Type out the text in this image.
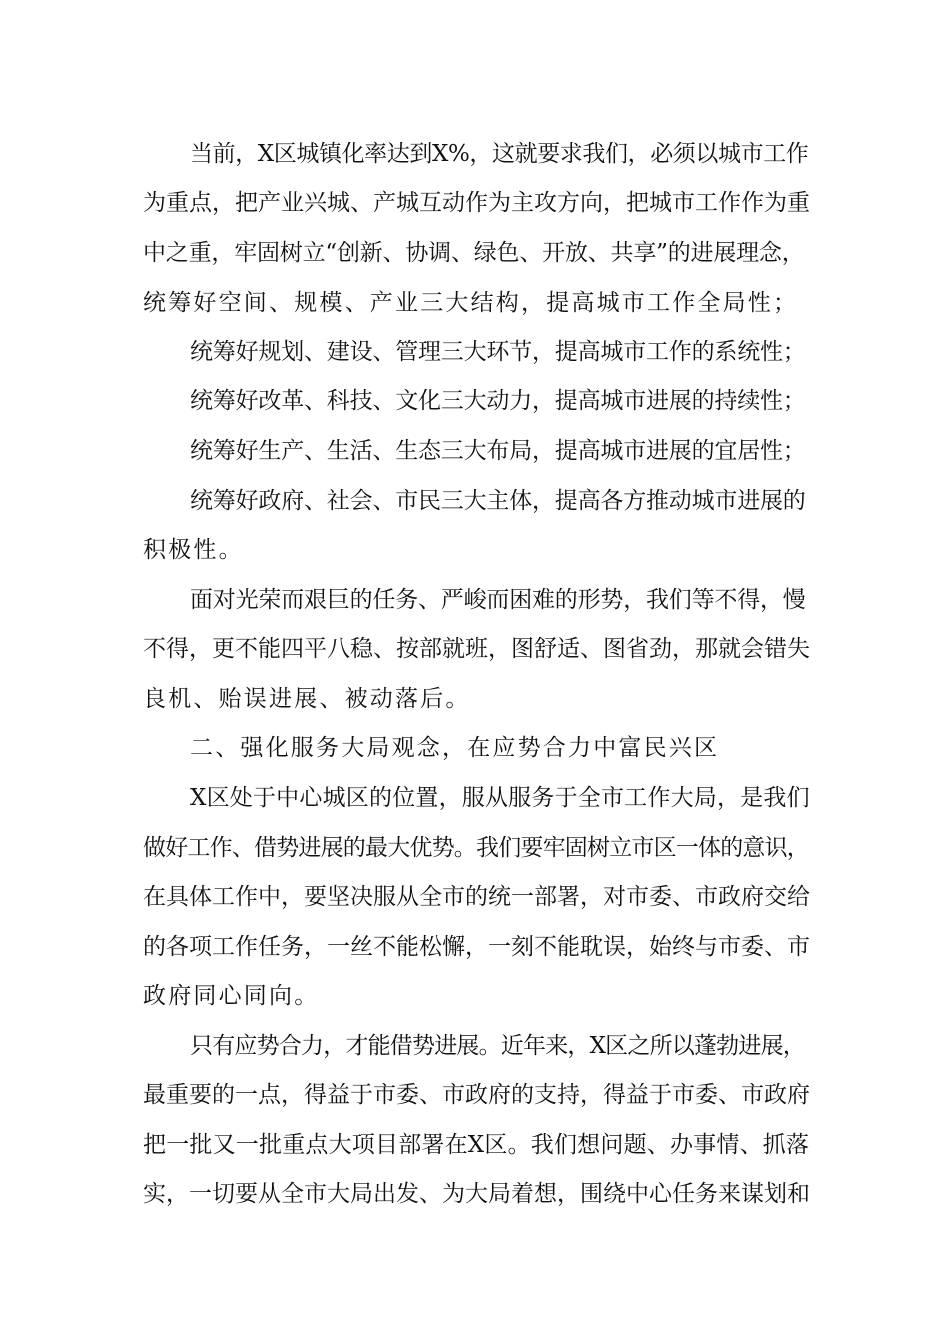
当前，X区城镇化率达到X%，这就要求我们，必须以城市工作
为重点，把产业兴城、产城互动作为主攻方向，把城市工作作为重
中之重，牢固树立“创新、协调、绿色、开放、共享”的进展理念，
统筹好空间、规模、产业三大结构，提高城市工作全局性；
统筹好规划、建设、管理三大环节，提高城市工作的系统性；
统筹好改革、科技、文化三大动力，提高城市进展的持续性；
统筹好生产、生活、生态三大布局，提高城市进展的宜居性；
统筹好政府、社会、市民三大主体，提高各方推动城市进展的
积极性。
面对光荣而艰巨的任务、严峻而困难的形势，我们等不得，慢
不得，更不能四平八稳、按部就班，图舒适、图省劲，那就会错失
良机、贻误进展、被动落后。
二、强化服务大局观念，在应势合力中富民兴区
X区处于中心城区的位置，服从服务于全市工作大局，是我们
做好工作、借势进展的最大优势。我们要牢固树立市区一体的意识，
在具体工作中，要坚决服从全市的统一部署，对市委、市政府交给
的各项工作任务，一丝不能松懈，一刻不能耽误，始终与市委、市
政府同心同向。
只有应势合力，才能借势进展。近年来，X区之所以蓬勃进展，
最重要的一点，得益于市委、市政府的支持，得益于市委、市政府
把一批又一批重点大项目部署在X区。我们想问题、办事情、抓落
实，一切要从全市大局出发、为大局着想，围绕中心任务来谋划和
